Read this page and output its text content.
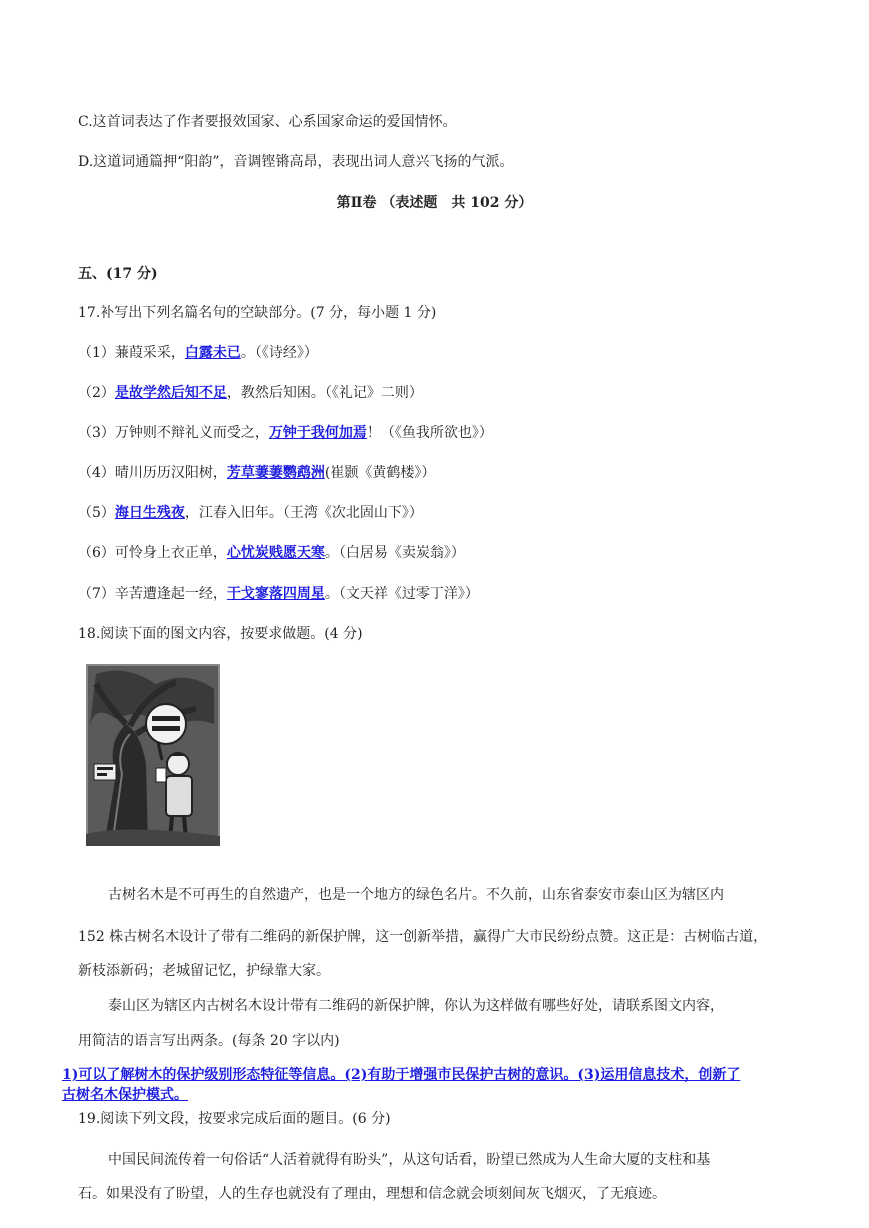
C.这首词表达了作者要报效国家、心系国家命运的爱国情怀。
D.这道词通篇押“阳韵”，音调铿锵高昂，表现出词人意兴飞扬的气派。
第Ⅱ卷 （表述题　共 102 分）
五、(17 分)
17.补写出下列名篇名句的空缺部分。(7 分，每小题 1 分)
（1）蒹葭采采，白露未已。（《诗经》）
（2）是故学然后知不足，教然后知困。（《礼记》二则）
（3）万钟则不辩礼义而受之，万钟于我何加焉！（《鱼我所欲也》）
（4）晴川历历汉阳树，芳草萋萋鹦鹉洲(崔颢《黄鹤楼》）
（5）海日生残夜，江春入旧年。（王湾《次北固山下》）
（6）可怜身上衣正单，心忧炭贱愿天寒。（白居易《卖炭翁》）
（7）辛苦遭逢起一经，干戈寥落四周星。（文天祥《过零丁洋》）
18.阅读下面的图文内容，按要求做题。(4 分)
古树名木是不可再生的自然遗产，也是一个地方的绿色名片。不久前，山东省泰安市泰山区为辖区内
152 株古树名木设计了带有二维码的新保护牌，这一创新举措，赢得广大市民纷纷点赞。这正是：古树临古道，
新枝添新码；老城留记忆，护绿靠大家。
泰山区为辖区内古树名木设计带有二维码的新保护牌，你认为这样做有哪些好处，请联系图文内容，
用简洁的语言写出两条。(每条 20 字以内)
1)可以了解树木的保护级别形态特征等信息。(2)有助于增强市民保护古树的意识。(3)运用信息技术，创新了
古树名木保护模式。
19.阅读下列文段，按要求完成后面的题目。(6 分)
中国民间流传着一句俗话“人活着就得有盼头”，从这句话看，盼望已然成为人生命大厦的支柱和基
石。如果没有了盼望，人的生存也就没有了理由，理想和信念就会顷刻间灰飞烟灭，了无痕迹。
